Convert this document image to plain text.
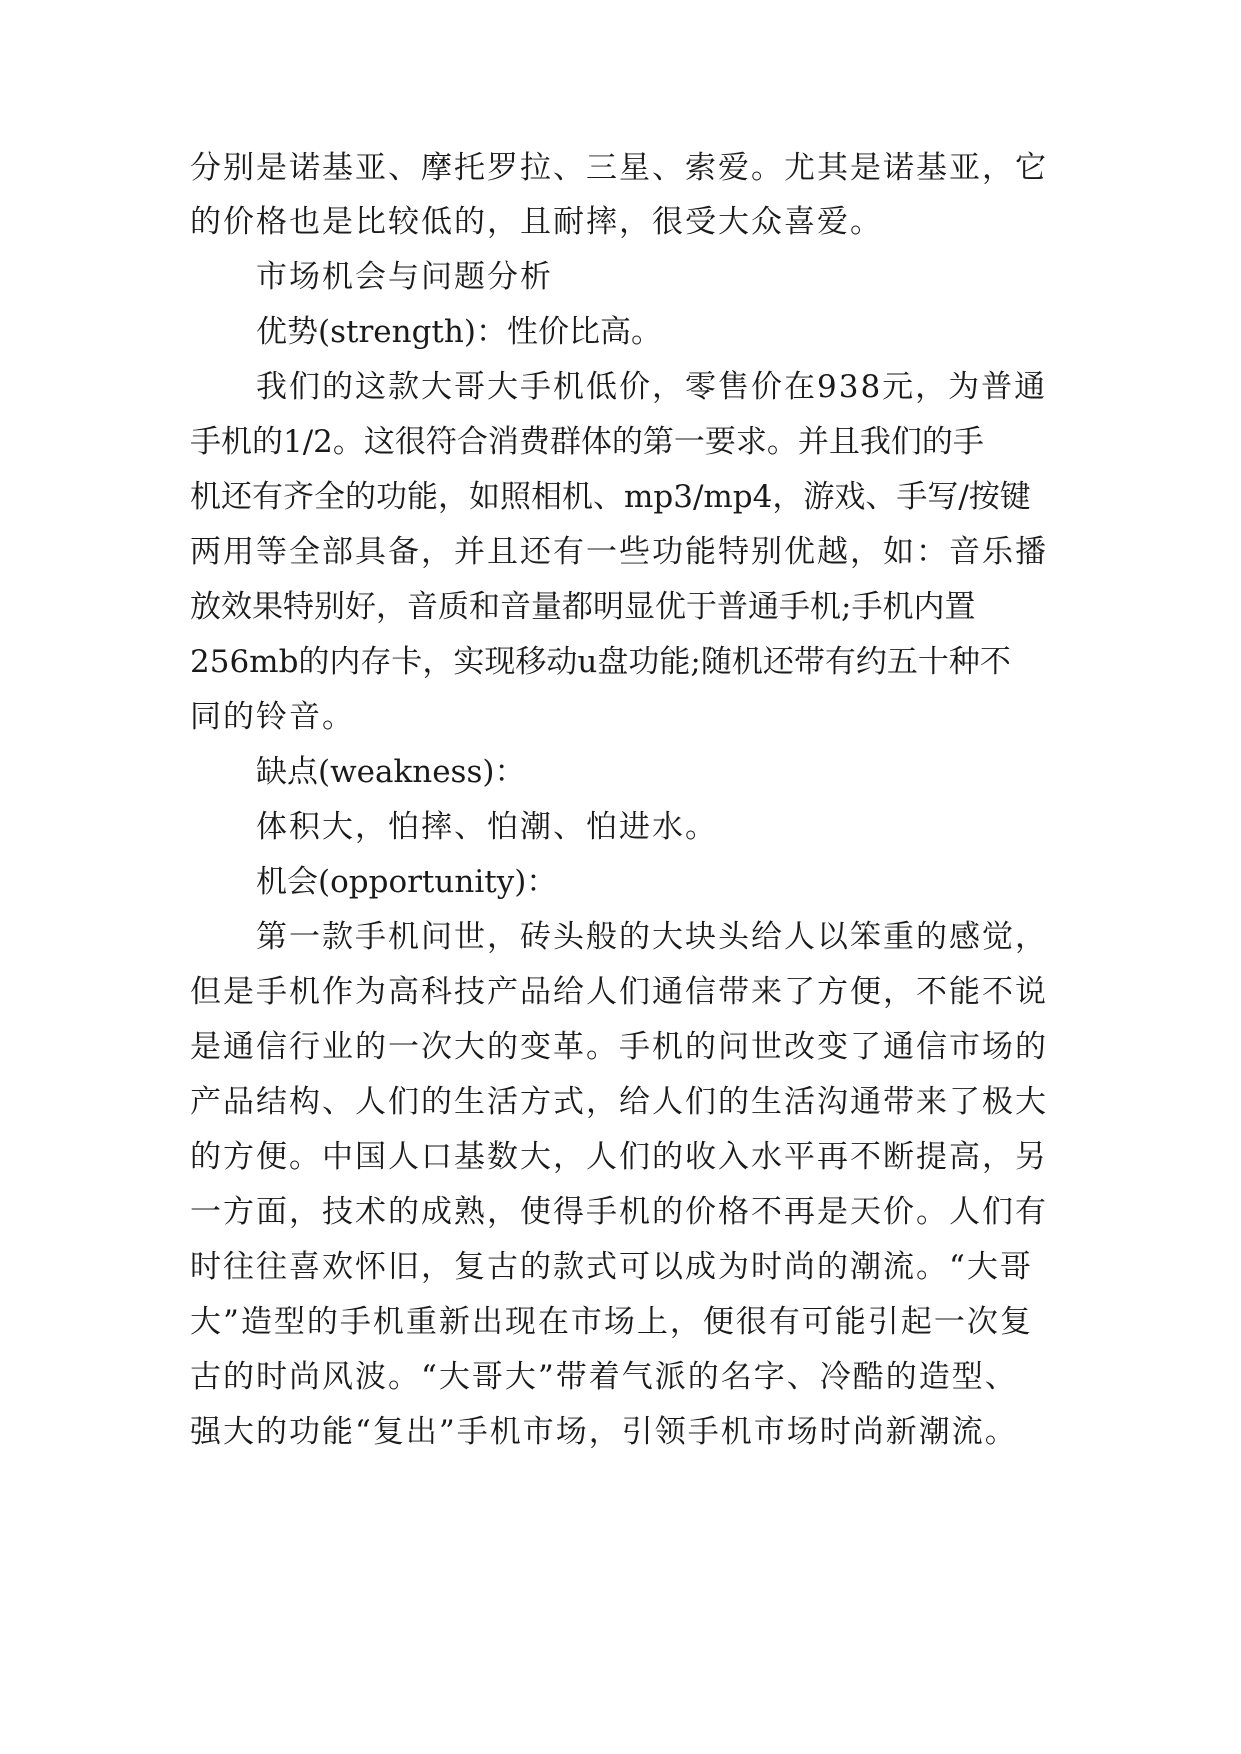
分别是诺基亚、摩托罗拉、三星、索爱。尤其是诺基亚，它

的价格也是比较低的，且耐摔，很受大众喜爱。

市场机会与问题分析

优势(strength)：性价比高。

我们的这款大哥大手机低价，零售价在938元，为普通

手机的1/2。这很符合消费群体的第一要求。并且我们的手

机还有齐全的功能，如照相机、mp3/mp4，游戏、手写/按键

两用等全部具备，并且还有一些功能特别优越，如：音乐播

放效果特别好，音质和音量都明显优于普通手机;手机内置

256mb的内存卡，实现移动u盘功能;随机还带有约五十种不

同的铃音。

缺点(weakness)：

体积大，怕摔、怕潮、怕进水。

机会(opportunity)：

第一款手机问世，砖头般的大块头给人以笨重的感觉，

但是手机作为高科技产品给人们通信带来了方便，不能不说

是通信行业的一次大的变革。手机的问世改变了通信市场的

产品结构、人们的生活方式，给人们的生活沟通带来了极大

的方便。中国人口基数大，人们的收入水平再不断提高，另

一方面，技术的成熟，使得手机的价格不再是天价。人们有

时往往喜欢怀旧，复古的款式可以成为时尚的潮流。“大哥

大”造型的手机重新出现在市场上，便很有可能引起一次复

古的时尚风波。“大哥大”带着气派的名字、冷酷的造型、

强大的功能“复出”手机市场，引领手机市场时尚新潮流。
